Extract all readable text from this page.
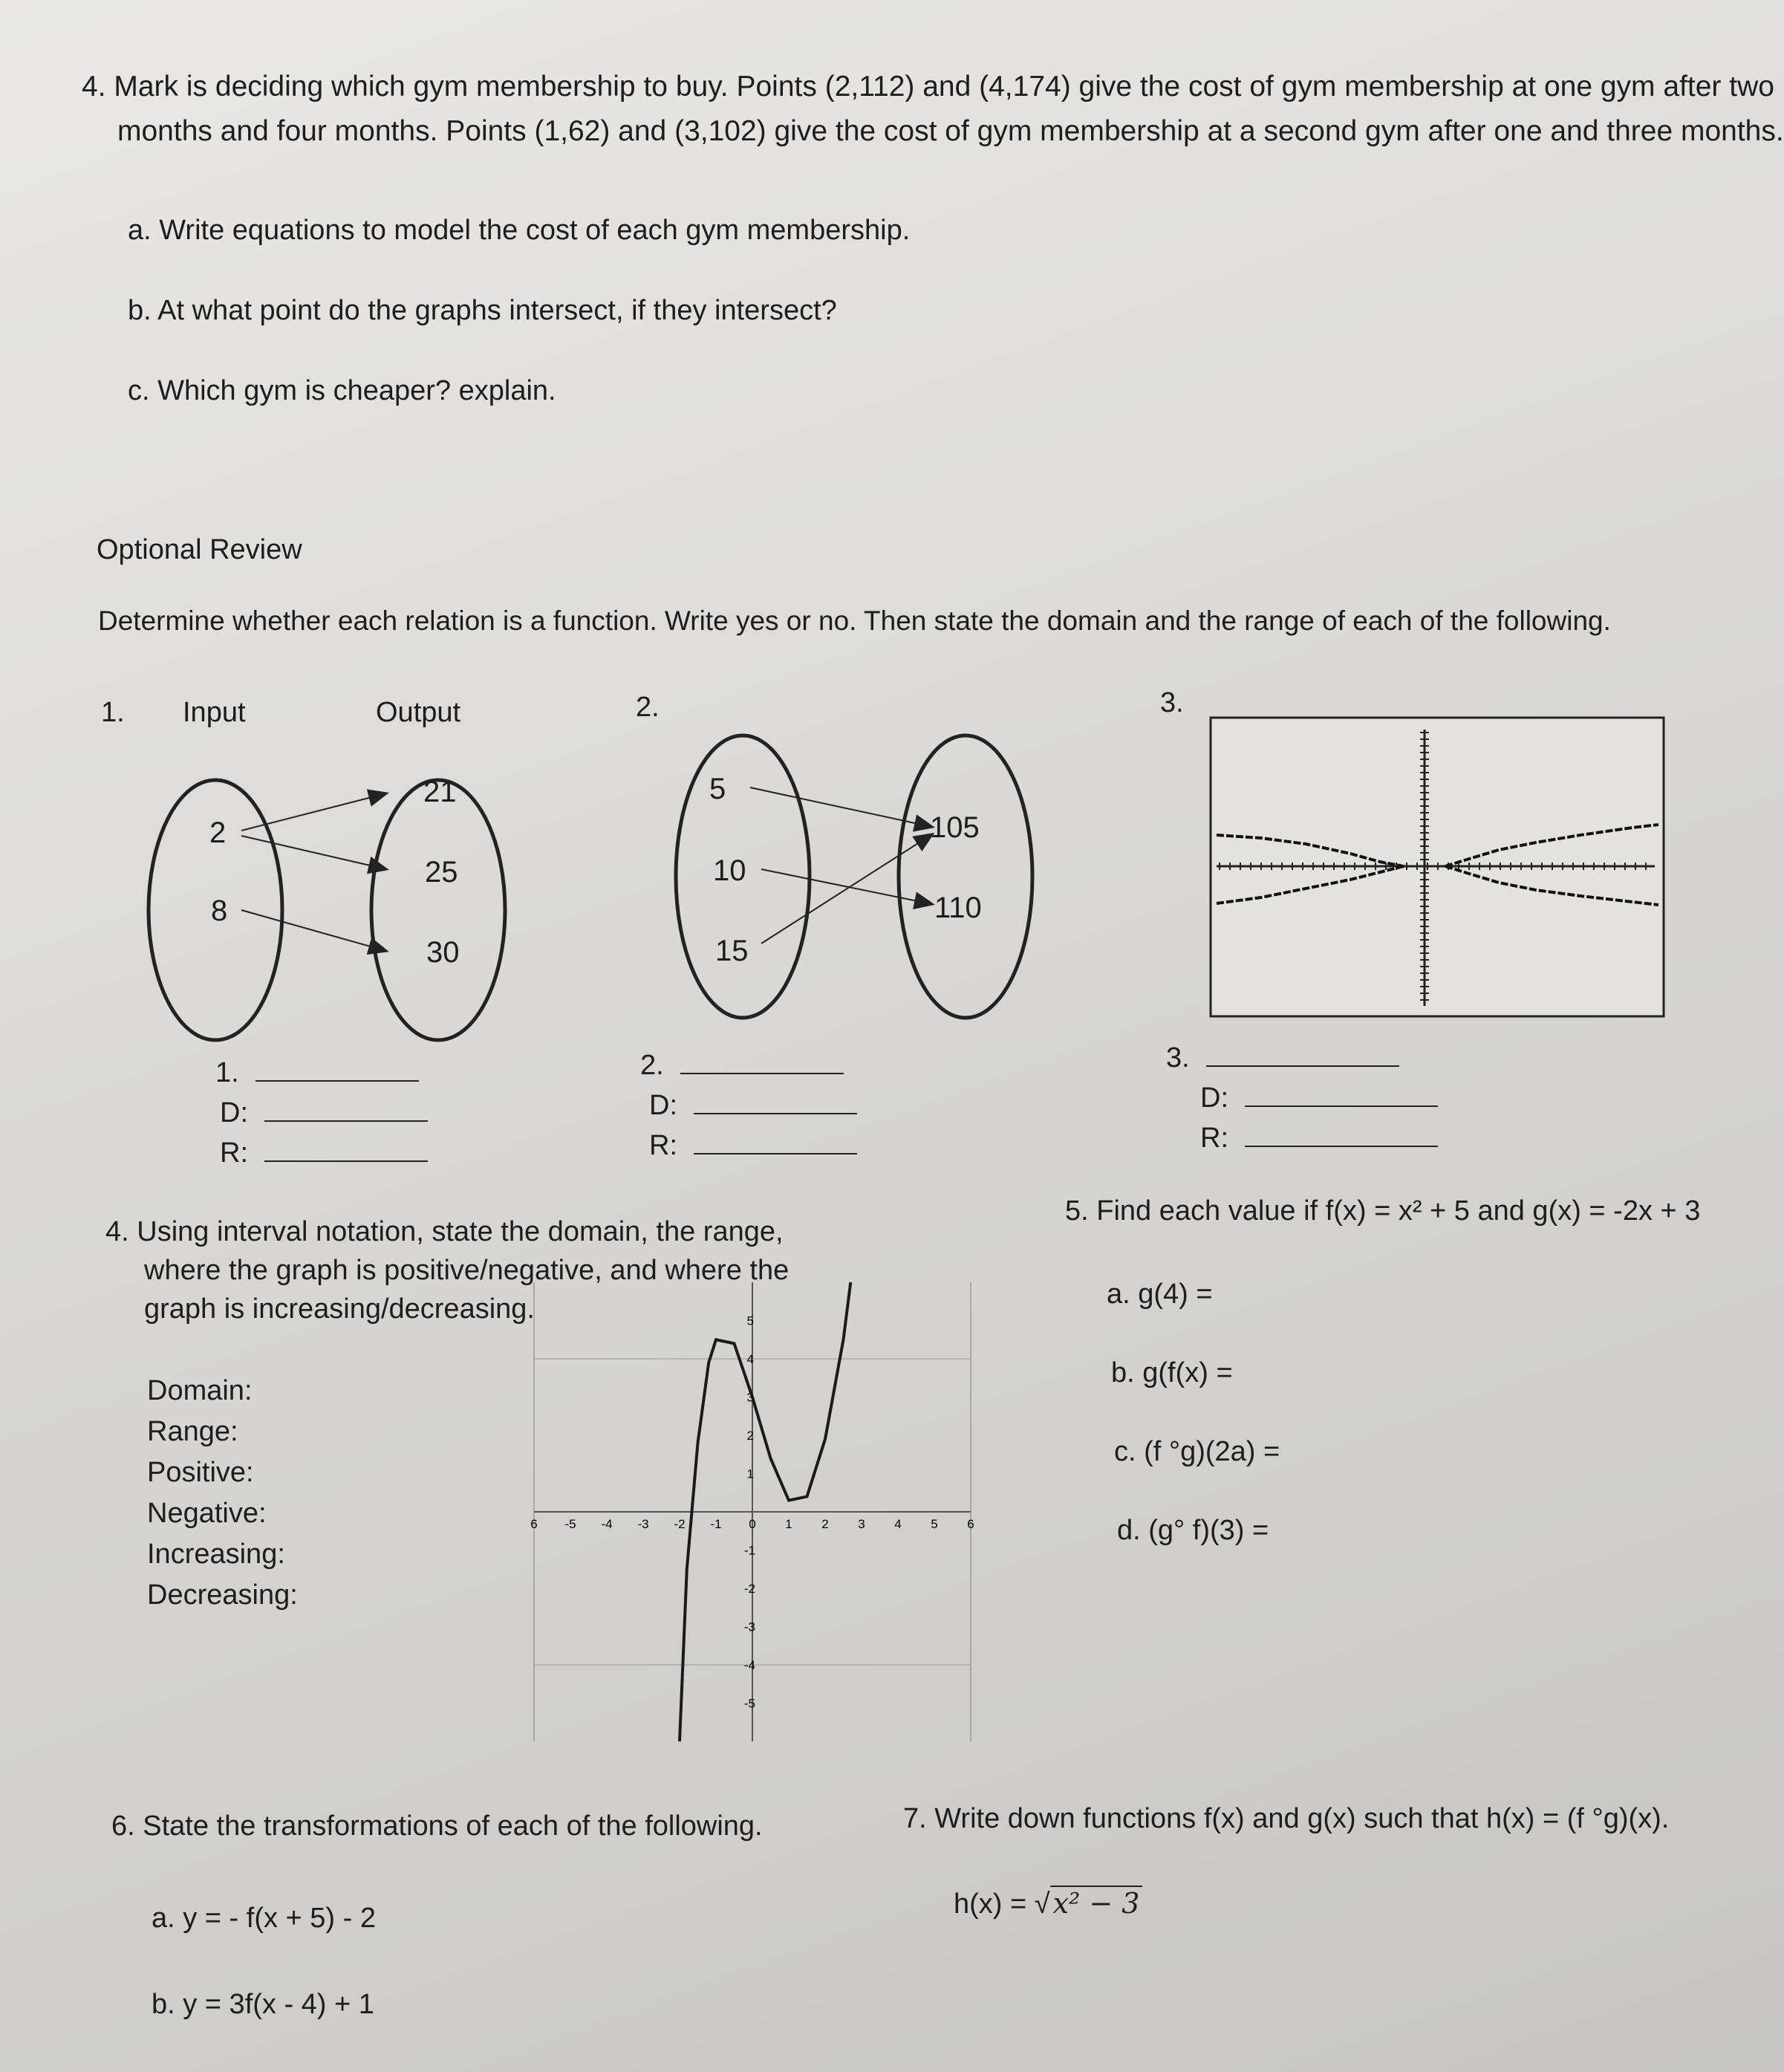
4. Mark is deciding which gym membership to buy. Points (2,112) and (4,174) give the cost of gym membership at one gym after two
months and four months. Points (1,62) and (3,102) give the cost of gym membership at a second gym after one and three months.
a. Write equations to model the cost of each gym membership.
b. At what point do the graphs intersect, if they intersect?
c. Which gym is cheaper? explain.
Optional Review
Determine whether each relation is a function. Write yes or no. Then state the domain and the range of each of the following.
1. Input	Output
2
8
21
25
30
2.
5
10
15
105
110
3.
1.
D:
R:
2.
D:
R:
3.
D:
R:
4. Using interval notation, state the domain, the range,
where the graph is positive/negative, and where the
graph is increasing/decreasing.
Domain:
Range:
Positive:
Negative:
Increasing:
Decreasing:
6 -5 -4 -3 -2 -1 0 1 2 3 4 5 6
1
2
3
4
5
-1
-2
-3
-4
-5
5. Find each value if f(x) = x² + 5 and g(x) = -2x + 3
a. g(4) =
b. g(f(x) =
c. (f °g)(2a) =
d. (g° f)(3) =
6. State the transformations of each of the following.
a. y = - f(x + 5) - 2
b. y = 3f(x - 4) + 1
7. Write down functions f(x) and g(x) such that h(x) = (f °g)(x).
h(x) = √ x² − 3
